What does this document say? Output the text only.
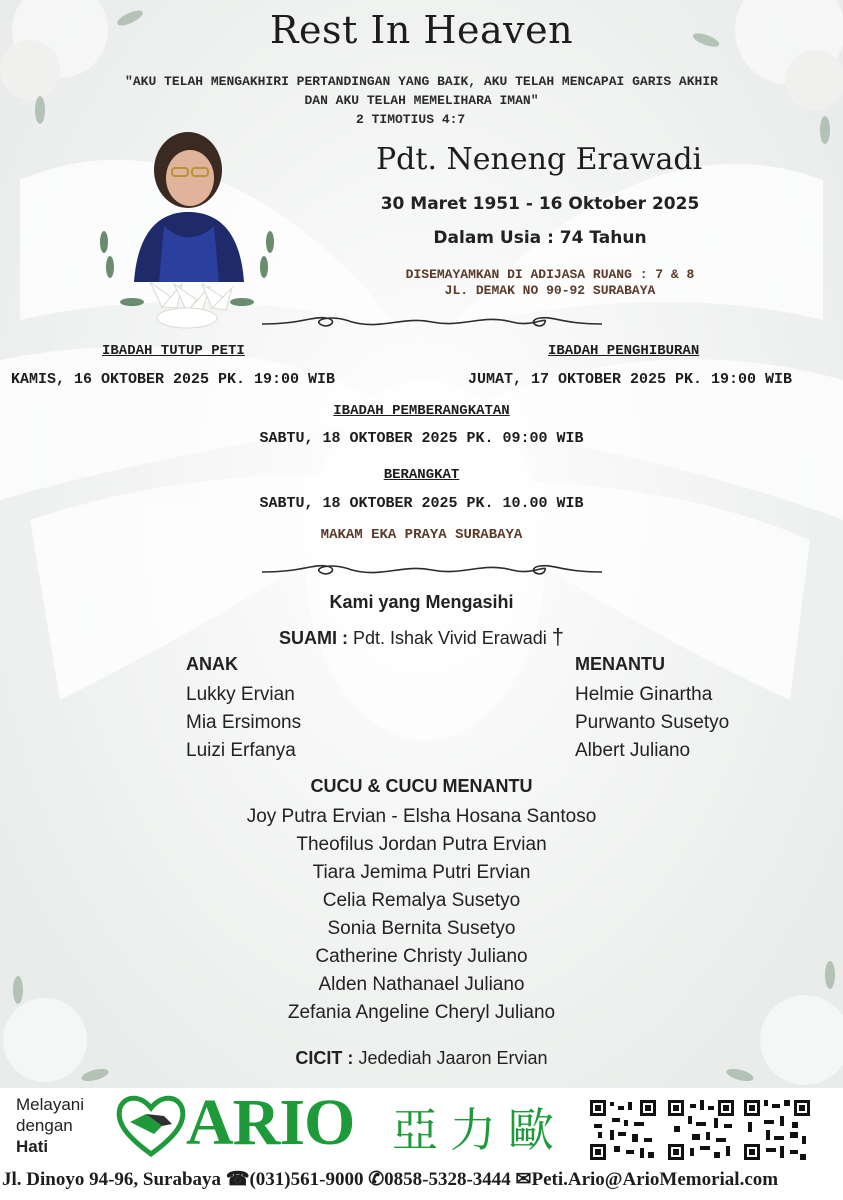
Rest In Heaven
"AKU TELAH MENGAKHIRI PERTANDINGAN YANG BAIK, AKU TELAH MENCAPAI GARIS AKHIR
DAN AKU TELAH MEMELIHARA IMAN"
2 TIMOTIUS 4:7
Pdt. Neneng Erawadi
30 Maret 1951 - 16 Oktober 2025
Dalam Usia : 74 Tahun
DISEMAYAMKAN DI ADIJASA RUANG : 7 & 8
JL. DEMAK NO 90-92 SURABAYA
IBADAH TUTUP PETI
KAMIS, 16 OKTOBER 2025 PK. 19:00 WIB
IBADAH PENGHIBURAN
JUMAT, 17 OKTOBER 2025 PK. 19:00 WIB
IBADAH PEMBERANGKATAN
SABTU, 18 OKTOBER 2025 PK. 09:00 WIB
BERANGKAT
SABTU, 18 OKTOBER 2025 PK. 10.00 WIB
MAKAM EKA PRAYA SURABAYA
Kami yang Mengasihi
SUAMI : Pdt. Ishak Vivid Erawadi †
ANAK
Lukky Ervian
Mia Ersimons
Luizi Erfanya
MENANTU
Helmie Ginartha
Purwanto Susetyo
Albert Juliano
CUCU & CUCU MENANTU
Joy Putra Ervian - Elsha Hosana Santoso
Theofilus Jordan Putra Ervian
Tiara Jemima Putri Ervian
Celia Remalya Susetyo
Sonia Bernita Susetyo
Catherine Christy Juliano
Alden Nathanael Juliano
Zefania Angeline Cheryl Juliano
CICIT : Jedediah Jaaron Ervian
Melayani
dengan
Hati	ARIO 亞力歐
Jl. Dinoyo 94-96, Surabaya ☎(031)561-9000 ✆0858-5328-3444 ✉Peti.Ario@ArioMemorial.com
